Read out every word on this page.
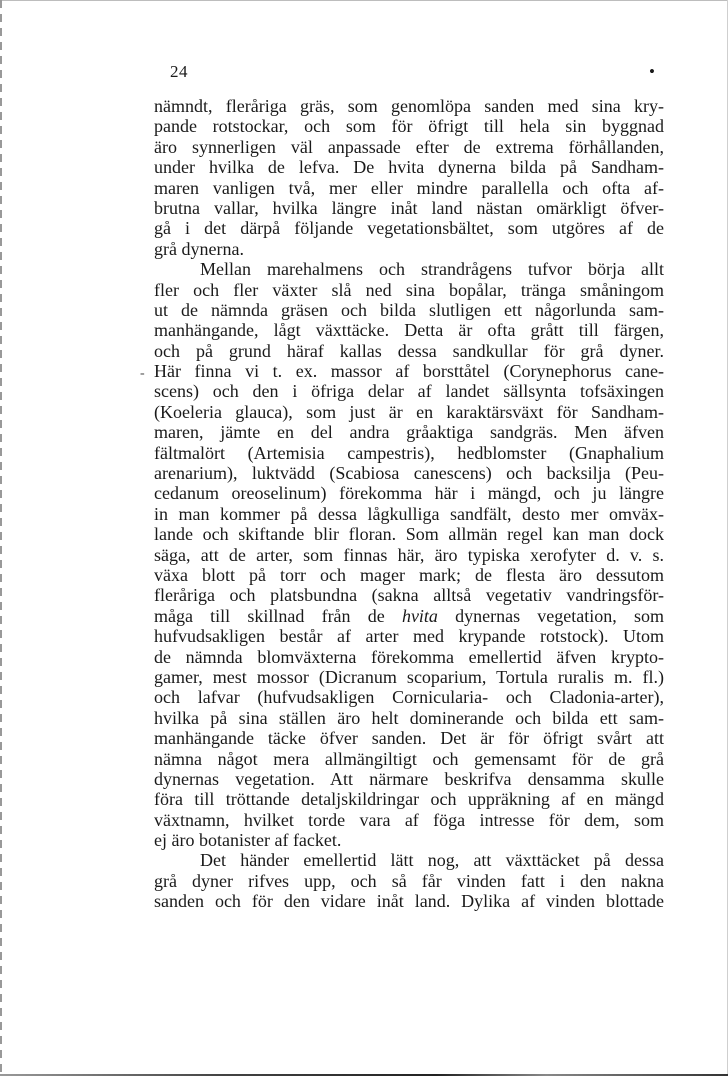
24	•
-
nämndt, fleråriga gräs, som genomlöpa sanden med sina kry-
pande rotstockar, och som för öfrigt till hela sin byggnad
äro synnerligen väl anpassade efter de extrema förhållanden,
under hvilka de lefva. De hvita dynerna bilda på Sandham-
maren vanligen två, mer eller mindre parallella och ofta af-
brutna vallar, hvilka längre inåt land nästan omärkligt öfver-
gå i det därpå följande vegetationsbältet, som utgöres af de
grå dynerna.
Mellan marehalmens och strandrågens tufvor börja allt
fler och fler växter slå ned sina bopålar, tränga småningom
ut de nämnda gräsen och bilda slutligen ett någorlunda sam-
manhängande, lågt växttäcke. Detta är ofta grått till färgen,
och på grund häraf kallas dessa sandkullar för grå dyner.
Här finna vi t. ex. massor af borsttåtel (Corynephorus cane-
scens) och den i öfriga delar af landet sällsynta tofsäxingen
(Koeleria glauca), som just är en karaktärsväxt för Sandham-
maren, jämte en del andra gråaktiga sandgräs. Men äfven
fältmalört (Artemisia campestris), hedblomster (Gnaphalium
arenarium), luktvädd (Scabiosa canescens) och backsilja (Peu-
cedanum oreoselinum) förekomma här i mängd, och ju längre
in man kommer på dessa lågkulliga sandfält, desto mer omväx-
lande och skiftande blir floran. Som allmän regel kan man dock
säga, att de arter, som finnas här, äro typiska xerofyter d. v. s.
växa blott på torr och mager mark; de flesta äro dessutom
fleråriga och platsbundna (sakna alltså vegetativ vandringsför-
måga till skillnad från de hvita dynernas vegetation, som
hufvudsakligen består af arter med krypande rotstock). Utom
de nämnda blomväxterna förekomma emellertid äfven krypto-
gamer, mest mossor (Dicranum scoparium, Tortula ruralis m. fl.)
och lafvar (hufvudsakligen Cornicularia- och Cladonia-arter),
hvilka på sina ställen äro helt dominerande och bilda ett sam-
manhängande täcke öfver sanden. Det är för öfrigt svårt att
nämna något mera allmängiltigt och gemensamt för de grå
dynernas vegetation. Att närmare beskrifva densamma skulle
föra till tröttande detaljskildringar och uppräkning af en mängd
växtnamn, hvilket torde vara af föga intresse för dem, som
ej äro botanister af facket.
Det händer emellertid lätt nog, att växttäcket på dessa
grå dyner rifves upp, och så får vinden fatt i den nakna
sanden och för den vidare inåt land. Dylika af vinden blottade
